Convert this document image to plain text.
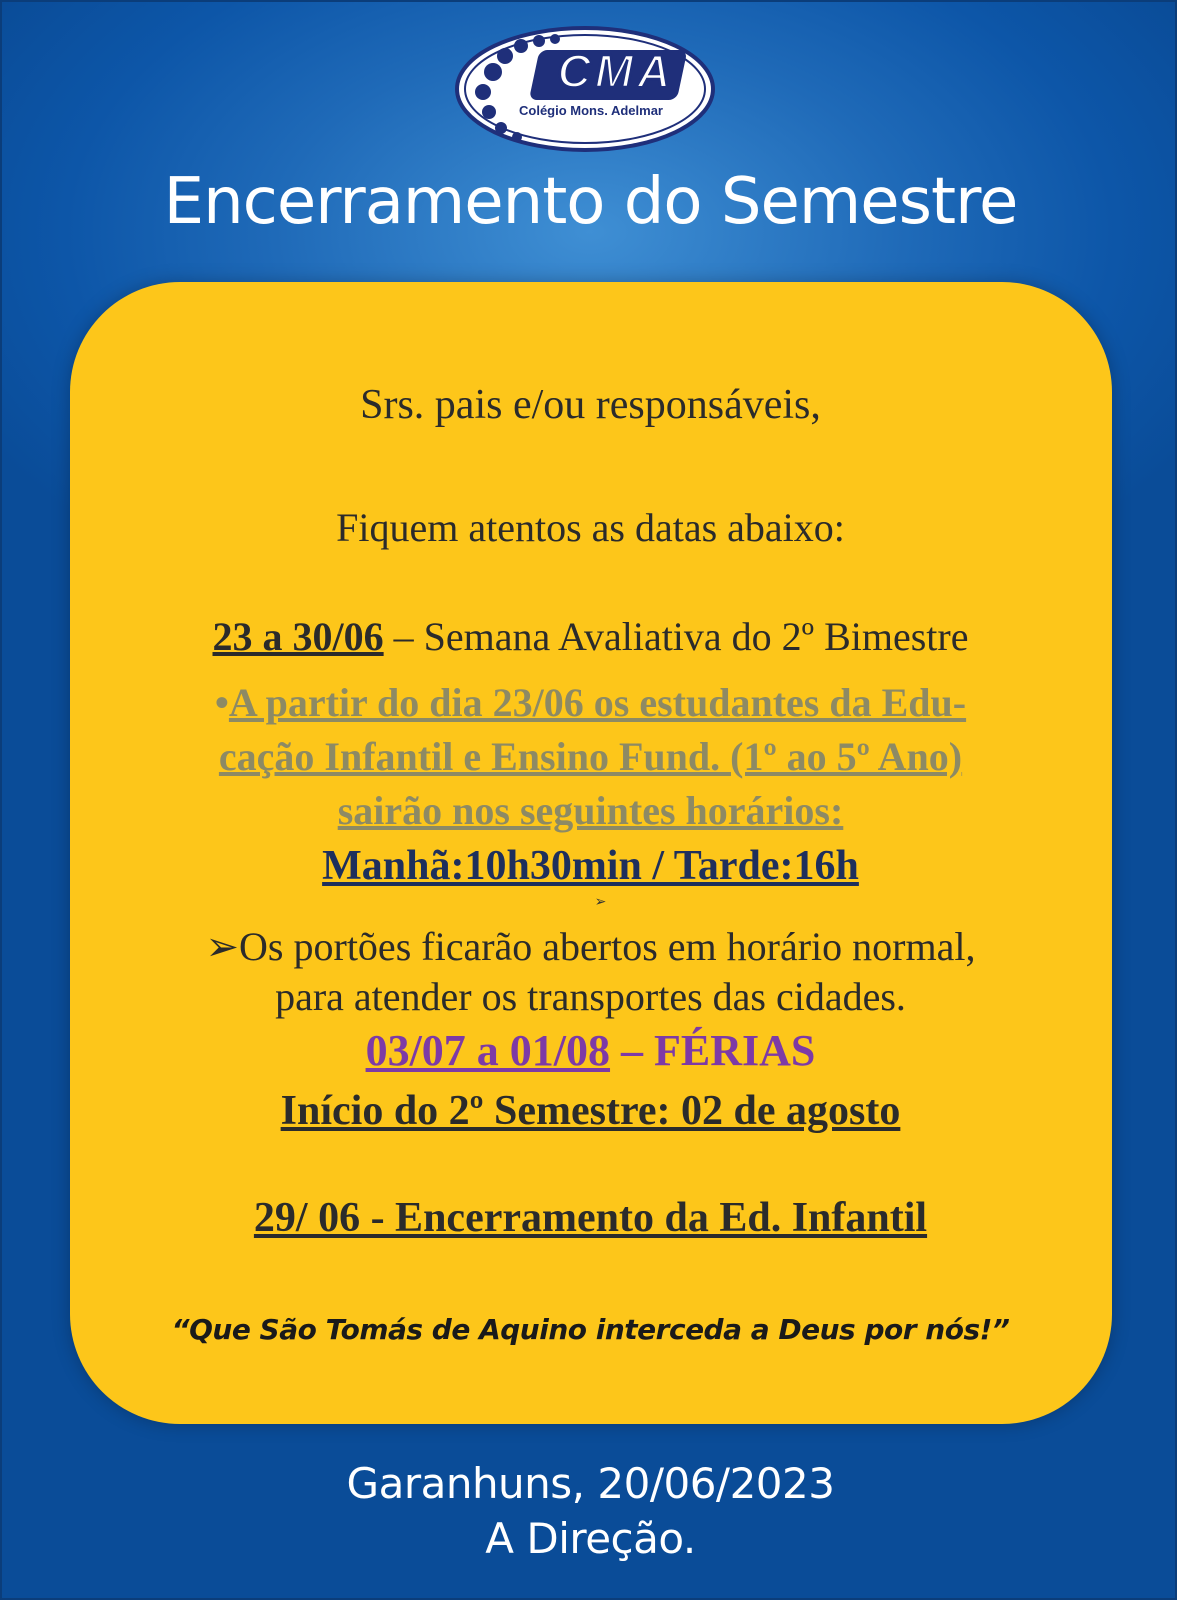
CMA
Colégio Mons. Adelmar
Encerramento do Semestre
Srs. pais e/ou responsáveis,
Fiquem atentos as datas abaixo:
23 a 30/06 – Semana Avaliativa do 2º Bimestre
•A partir do dia 23/06 os estudantes da Edu-
cação Infantil e Ensino Fund. (1º ao 5º Ano)
sairão nos seguintes horários:
Manhã:10h30min / Tarde:16h
➢
➢Os portões ficarão abertos em horário normal,
para atender os transportes das cidades.
03/07 a 01/08 – FÉRIAS
Início do 2º Semestre: 02 de agosto
29/ 06 - Encerramento da Ed. Infantil
“Que São Tomás de Aquino interceda a Deus por nós!”
Garanhuns, 20/06/2023
A Direção.
